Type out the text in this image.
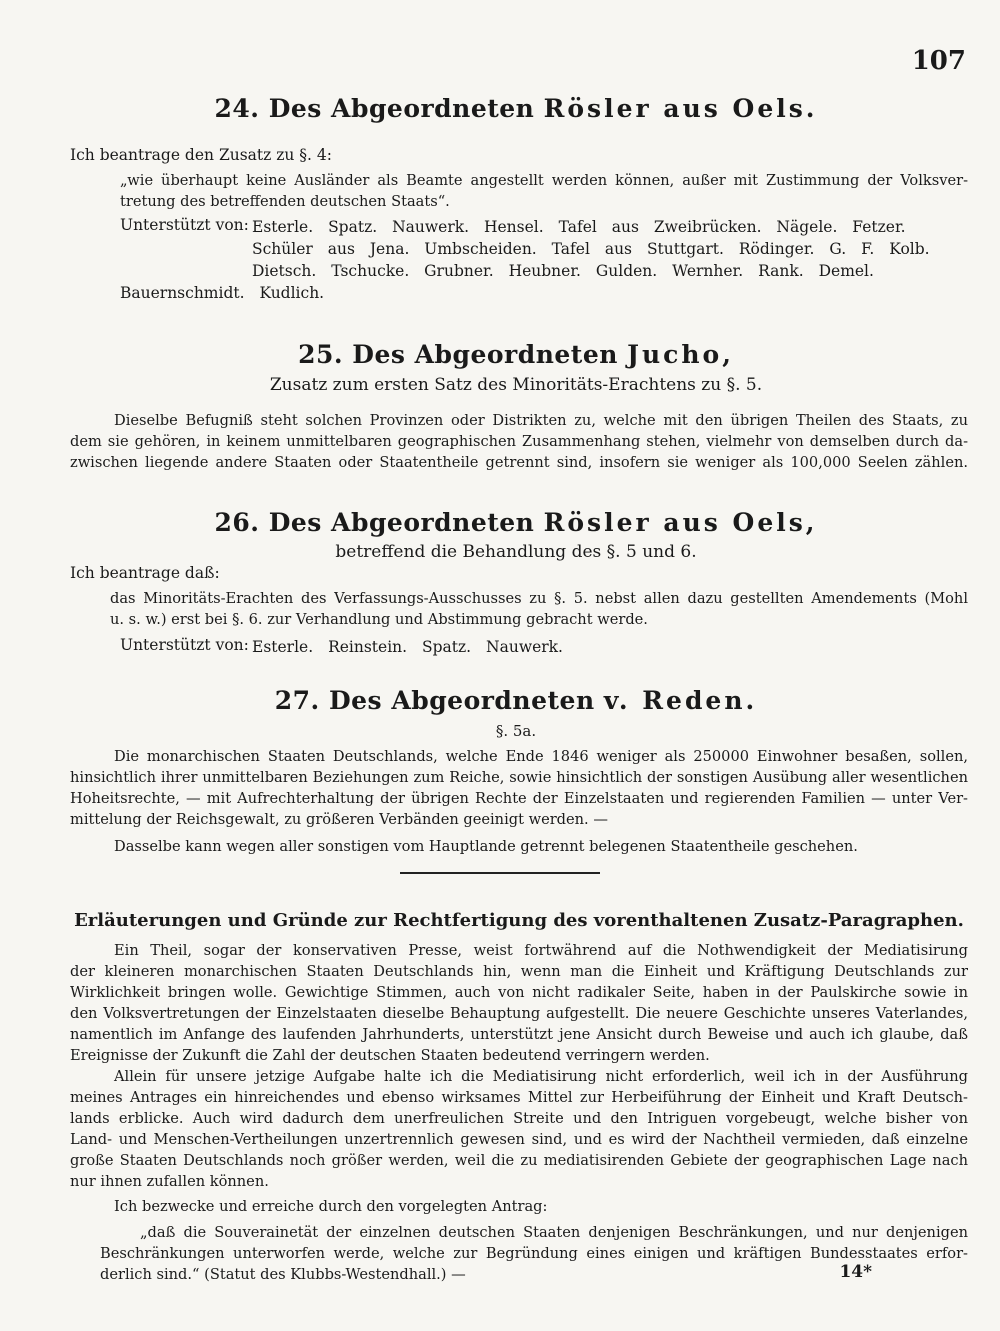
107
24. Des Abgeordneten Rösler aus Oels.
Ich beantrage den Zusatz zu §. 4:
„wie überhaupt keine Ausländer als Beamte angestellt werden können, außer mit Zustimmung der Volksver-
tretung des betreffenden deutschen Staats“.
Unterstützt von: Esterle. Spatz. Nauwerk. Hensel. Tafel aus Zweibrücken. Nägele. Fetzer.
Schüler aus Jena. Umbscheiden. Tafel aus Stuttgart. Rödinger. G. F. Kolb.
Dietsch. Tschucke. Grubner. Heubner. Gulden. Wernher. Rank. Demel.
Bauernschmidt. Kudlich.
25. Des Abgeordneten Jucho,
Zusatz zum ersten Satz des Minoritäts-Erachtens zu §. 5.
Dieselbe Befugniß steht solchen Provinzen oder Distrikten zu, welche mit den übrigen Theilen des Staats, zu
dem sie gehören, in keinem unmittelbaren geographischen Zusammenhang stehen, vielmehr von demselben durch da-
zwischen liegende andere Staaten oder Staatentheile getrennt sind, insofern sie weniger als 100,000 Seelen zählen.
26. Des Abgeordneten Rösler aus Oels,
betreffend die Behandlung des §. 5 und 6.
Ich beantrage daß:
das Minoritäts-Erachten des Verfassungs-Ausschusses zu §. 5. nebst allen dazu gestellten Amendements (Mohl
u. s. w.) erst bei §. 6. zur Verhandlung und Abstimmung gebracht werde.
Unterstützt von: Esterle. Reinstein. Spatz. Nauwerk.
27. Des Abgeordneten v. Reden.
§. 5a.
Die monarchischen Staaten Deutschlands, welche Ende 1846 weniger als 250000 Einwohner besaßen, sollen,
hinsichtlich ihrer unmittelbaren Beziehungen zum Reiche, sowie hinsichtlich der sonstigen Ausübung aller wesentlichen
Hoheitsrechte, — mit Aufrechterhaltung der übrigen Rechte der Einzelstaaten und regierenden Familien — unter Ver-
mittelung der Reichsgewalt, zu größeren Verbänden geeinigt werden. —
Dasselbe kann wegen aller sonstigen vom Hauptlande getrennt belegenen Staatentheile geschehen.
Erläuterungen und Gründe zur Rechtfertigung des vorenthaltenen Zusatz-Paragraphen.
Ein Theil, sogar der konservativen Presse, weist fortwährend auf die Nothwendigkeit der Mediatisirung
der kleineren monarchischen Staaten Deutschlands hin, wenn man die Einheit und Kräftigung Deutschlands zur
Wirklichkeit bringen wolle. Gewichtige Stimmen, auch von nicht radikaler Seite, haben in der Paulskirche sowie in
den Volksvertretungen der Einzelstaaten dieselbe Behauptung aufgestellt. Die neuere Geschichte unseres Vaterlandes,
namentlich im Anfange des laufenden Jahrhunderts, unterstützt jene Ansicht durch Beweise und auch ich glaube, daß
Ereignisse der Zukunft die Zahl der deutschen Staaten bedeutend verringern werden.
Allein für unsere jetzige Aufgabe halte ich die Mediatisirung nicht erforderlich, weil ich in der Ausführung
meines Antrages ein hinreichendes und ebenso wirksames Mittel zur Herbeiführung der Einheit und Kraft Deutsch-
lands erblicke. Auch wird dadurch dem unerfreulichen Streite und den Intriguen vorgebeugt, welche bisher von
Land- und Menschen-Vertheilungen unzertrennlich gewesen sind, und es wird der Nachtheil vermieden, daß einzelne
große Staaten Deutschlands noch größer werden, weil die zu mediatisirenden Gebiete der geographischen Lage nach
nur ihnen zufallen können.
Ich bezwecke und erreiche durch den vorgelegten Antrag:
„daß die Souverainetät der einzelnen deutschen Staaten denjenigen Beschränkungen, und nur denjenigen
Beschränkungen unterworfen werde, welche zur Begründung eines einigen und kräftigen Bundesstaates erfor-
derlich sind.“ (Statut des Klubbs-Westendhall.) —	14*
